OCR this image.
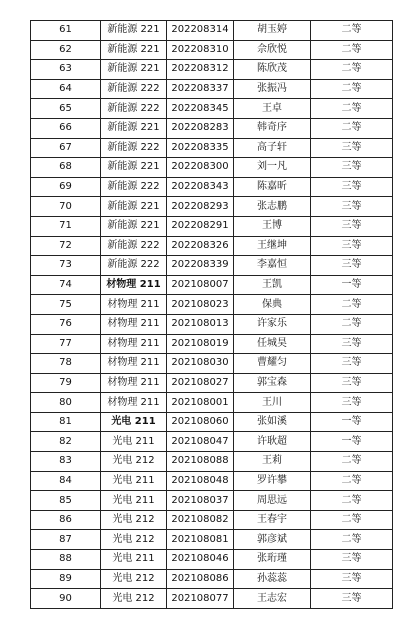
61	新能源 221	202208314	胡玉婷	二等
62	新能源 221	202208310	佘欣悦	二等
63	新能源 221	202208312	陈欣茂	二等
64	新能源 222	202208337	张振冯	二等
65	新能源 222	202208345	王卓	二等
66	新能源 221	202208283	韩奇序	二等
67	新能源 222	202208335	高子轩	三等
68	新能源 221	202208300	刘一凡	三等
69	新能源 222	202208343	陈嘉昕	三等
70	新能源 221	202208293	张志鹏	三等
71	新能源 221	202208291	王博	三等
72	新能源 222	202208326	王继坤	三等
73	新能源 222	202208339	李嘉恒	三等
74	材物理 211	202108007	王凯	一等
75	材物理 211	202108023	保典	二等
76	材物理 211	202108013	许家乐	二等
77	材物理 211	202108019	任城昊	三等
78	材物理 211	202108030	曹耀匀	三等
79	材物理 211	202108027	郭宝森	三等
80	材物理 211	202108001	王川	三等
81	光电 211	202108060	张如溪	一等
82	光电 211	202108047	许耿超	一等
83	光电 212	202108088	王莉	二等
84	光电 211	202108048	罗许攀	二等
85	光电 211	202108037	周思远	二等
86	光电 212	202108082	王春宇	二等
87	光电 212	202108081	郭彦斌	二等
88	光电 211	202108046	张珩瑾	三等
89	光电 212	202108086	孙蕊蕊	三等
90	光电 212	202108077	王志宏	三等
